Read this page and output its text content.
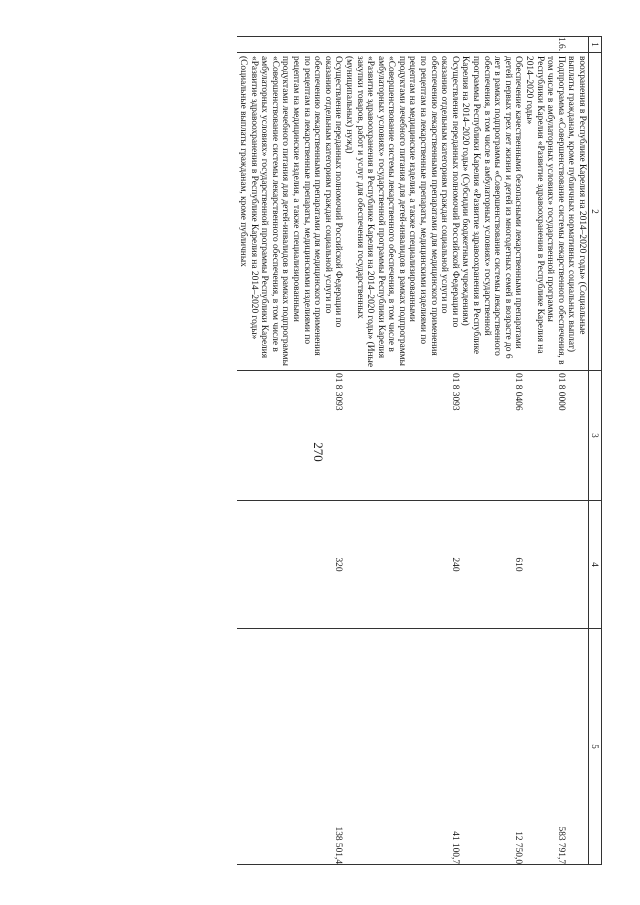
270
1	2	3	4	5
	воохранения в Республике Карелия на 2014–2020 годы» (Социальные выплаты гражданам, кроме публичных нормативных социальных выплат)			
1.6.	Подпрограмма «Совершенствование системы лекарственного обеспечения, в том числе в амбулаторных условиях» государственной программы Республики Карелия «Развитие здравоохранения в Республике Карелия на 2014–2020 годы»	01 8 0000		583 791,7
	Обеспечение качественными безопасными лекарственными препаратами детей первых трех лет жизни и детей из многодетных семей в возрасте до 6 лет в рамках подпрограммы «Совершенствование системы лекарственного обеспечения, в том числе в амбулаторных условиях» государственной программы Республики Карелия «Развитие здравоохранения в Республике Карелия на 2014–2020 годы» (Субсидии бюджетным учреждениям)	01 8 0406	610	12 750,0
	Осуществление переданных полномочий Российской Федерации по оказанию отдельным категориям граждан социальной услуги по обеспечению лекарственными препаратами для медицинского применения по рецептам на лекарственные препараты, медицинскими изделиями по рецептам на медицинские изделия, а также специализированными продуктами лечебного питания для детей-инвалидов в рамках подпрограммы «Совершенствование системы лекарственного обеспечения, в том числе в амбулаторных условиях» государственной программы Республики Карелия «Развитие здравоохранения в Республике Карелия на 2014–2020 годы» (Иные закупки товаров, работ и услуг для обеспечения государственных (муниципальных) нужд)	01 8 3093	240	41 100,7
	Осуществление переданных полномочий Российской Федерации по оказанию отдельным категориям граждан социальной услуги по обеспечению лекарственными препаратами для медицинского применения по рецептам на лекарственные препараты, медицинскими изделиями по рецептам на медицинские изделия, а также специализированными продуктами лечебного питания для детей-инвалидов в рамках подпрограммы «Совершенствование системы лекарственного обеспечения, в том числе в амбулаторных условиях» государственной программы Республики Карелия «Развитие здравоохранения в Республике Карелия на 2014–2020 годы» (Социальные выплаты гражданам, кроме публичных	01 8 3093	320	138 501,4
